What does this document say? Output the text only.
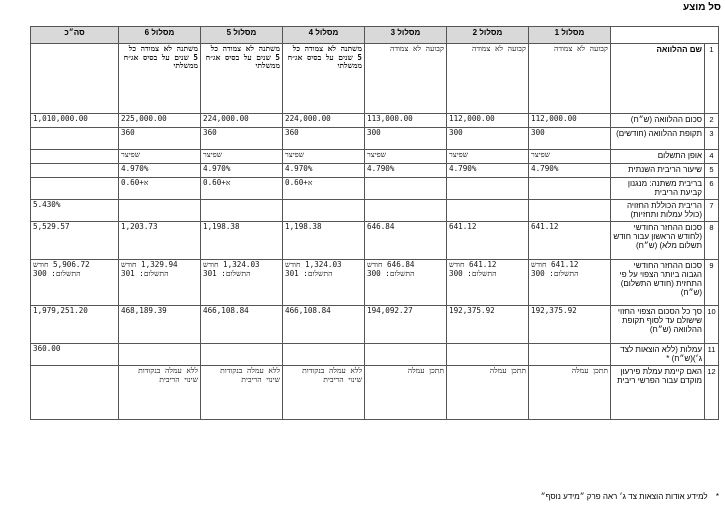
סל מוצע
		מסלול 1	מסלול 2	מסלול 3	מסלול 4	מסלול 5	מסלול 6	סה״כ
1	שם ההלוואה	קבועה לא צמודה	קבועה לא צמודה	קבועה לא צמודה	משתנה לא צמודה כל 5 שנים על בסיס אג״ח ממשלתי	משתנה לא צמודה כל 5 שנים על בסיס אג״ח ממשלתי	משתנה לא צמודה כל 5 שנים על בסיס אג״ח ממשלתי	
2	סכום ההלוואה (ש״ח)	112,000.00	112,000.00	113,000.00	224,000.00	224,000.00	225,000.00	1,010,000.00
3	תקופת ההלוואה (חודשים)	300	300	300	360	360	360	
4	אופן התשלום	שפיצר	שפיצר	שפיצר	שפיצר	שפיצר	שפיצר	
5	שיעור הריבית השנתית	4.790%	4.790%	4.790%	4.970%	4.970%	4.970%	
6	בריבית משתנה: מנגנון קביעת הריבית				א+0.60	א+0.60	א+0.60	
7	הריבית הכוללת החזויה (כולל עמלות ותחזיות)							5.430%
8	סכום ההחזר החודשי (לחודש הראשון עבור חודש תשלום מלא) (ש״ח)	641.12	641.12	646.84	1,198.38	1,198.38	1,203.73	5,529.57
9	סכום ההחזר החודשי הגבוה ביותר הצפוי על פי התחזית (חודש התשלום) (ש״ח)	641.12 חודש התשלום: 300	641.12 חודש התשלום: 300	646.84 חודש התשלום: 300	1,324.03 חודש התשלום: 301	1,324.03 חודש התשלום: 301	1,329.94 חודש התשלום: 301	5,906.72 חודש התשלום: 300
10	סך כל הסכום הצפוי החזוי שישולם עד לסוף תקופת ההלוואה (ש״ח)	192,375.92	192,375.92	194,092.27	466,108.84	466,108.84	468,189.39	1,979,251.20
11	עמלות (ללא הוצאות לצד ג׳)(ש״ח) *							360.00
12	האם קיימת עמלת פירעון מוקדם עבור הפרשי ריבית	תתכן עמלה	תתכן עמלה	תתכן עמלה	ללא עמלה בנקודות שינוי הריבית	ללא עמלה בנקודות שינוי הריבית	ללא עמלה בנקודות שינוי הריבית	
* למידע אודות הוצאות צד ג׳ ראה פרק ״מידע נוסף״
